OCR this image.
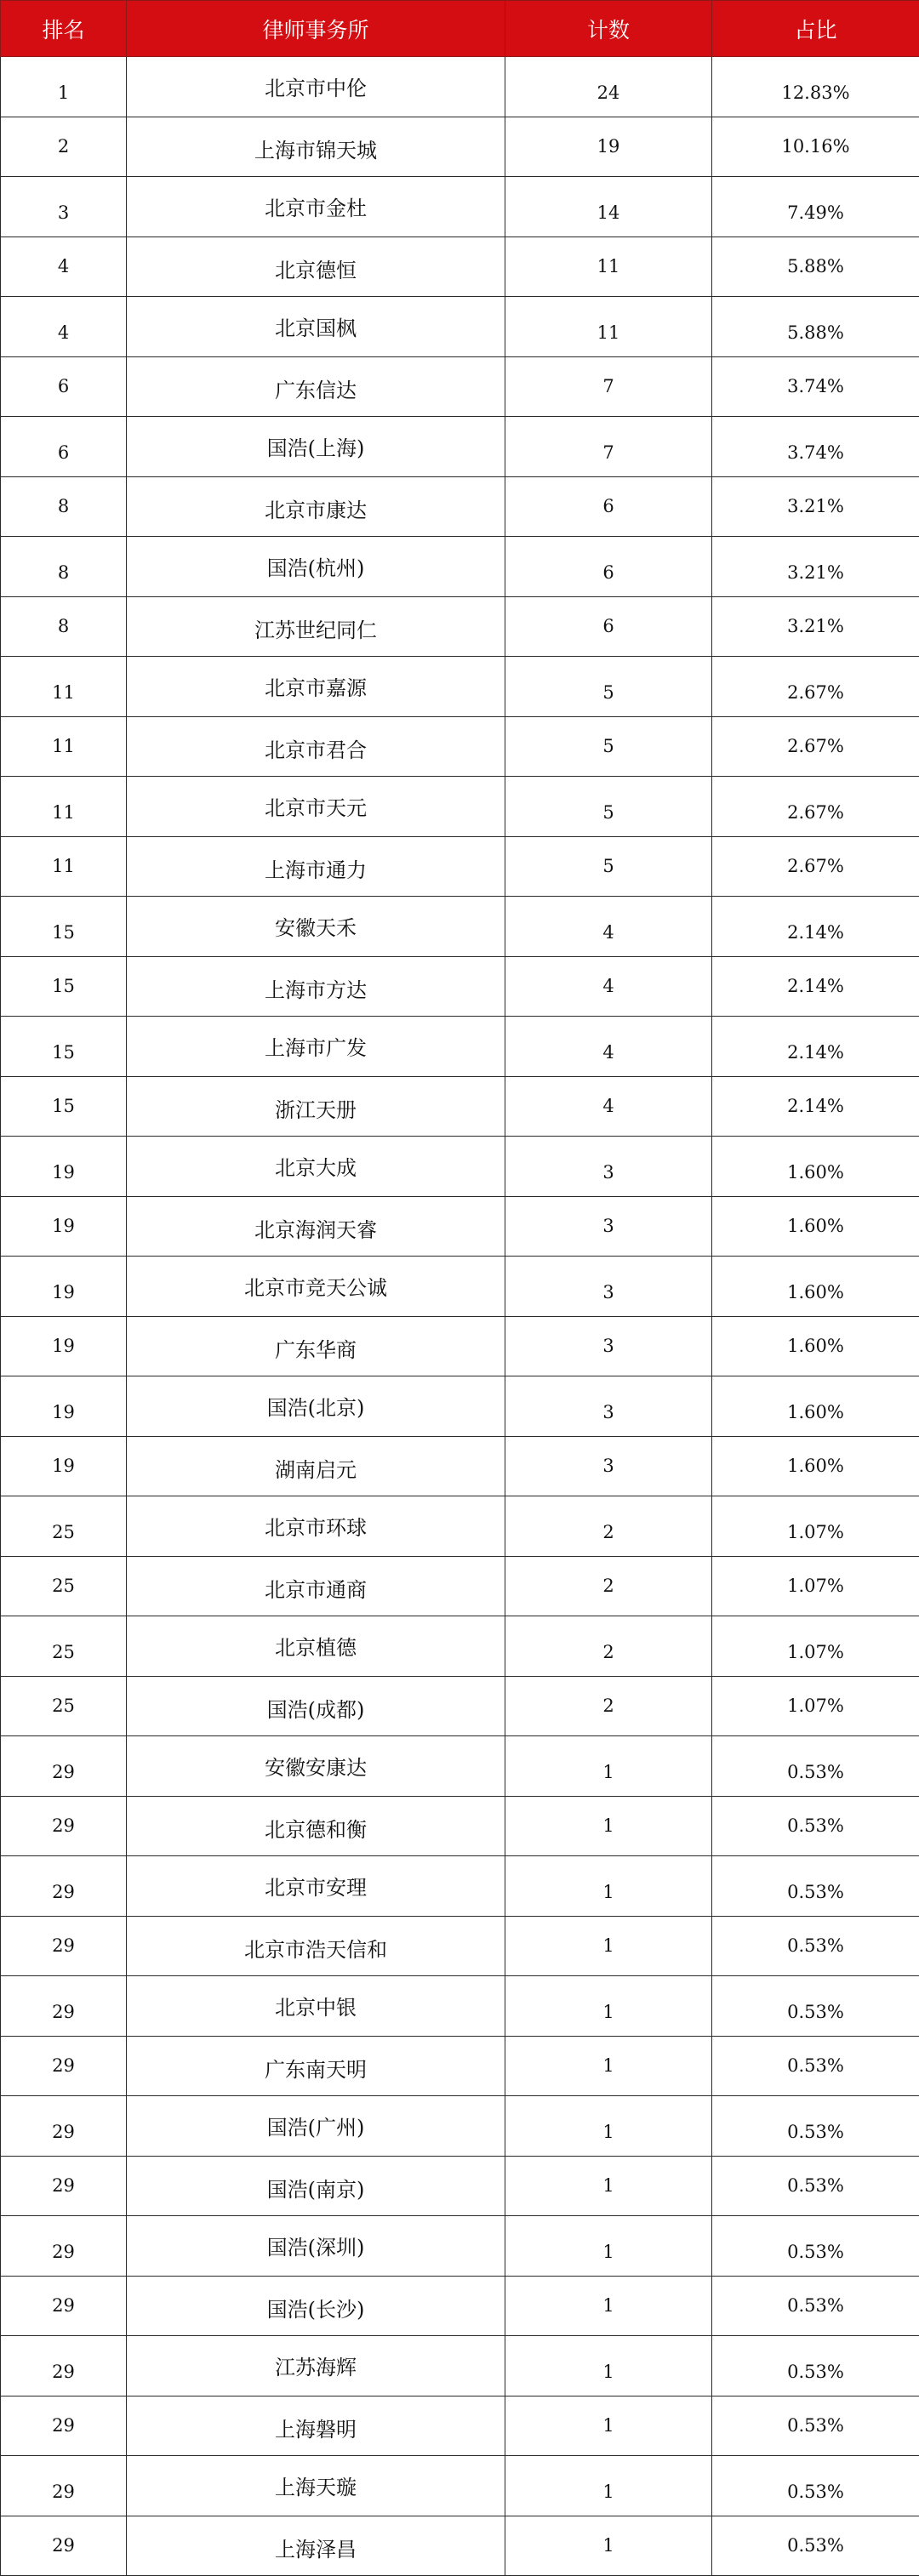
排名	律师事务所	计数	占比
1	北京市中伦	24	12.83%
2	上海市锦天城	19	10.16%
3	北京市金杜	14	7.49%
4	北京德恒	11	5.88%
4	北京国枫	11	5.88%
6	广东信达	7	3.74%
6	国浩(上海)	7	3.74%
8	北京市康达	6	3.21%
8	国浩(杭州)	6	3.21%
8	江苏世纪同仁	6	3.21%
11	北京市嘉源	5	2.67%
11	北京市君合	5	2.67%
11	北京市天元	5	2.67%
11	上海市通力	5	2.67%
15	安徽天禾	4	2.14%
15	上海市方达	4	2.14%
15	上海市广发	4	2.14%
15	浙江天册	4	2.14%
19	北京大成	3	1.60%
19	北京海润天睿	3	1.60%
19	北京市竞天公诚	3	1.60%
19	广东华商	3	1.60%
19	国浩(北京)	3	1.60%
19	湖南启元	3	1.60%
25	北京市环球	2	1.07%
25	北京市通商	2	1.07%
25	北京植德	2	1.07%
25	国浩(成都)	2	1.07%
29	安徽安康达	1	0.53%
29	北京德和衡	1	0.53%
29	北京市安理	1	0.53%
29	北京市浩天信和	1	0.53%
29	北京中银	1	0.53%
29	广东南天明	1	0.53%
29	国浩(广州)	1	0.53%
29	国浩(南京)	1	0.53%
29	国浩(深圳)	1	0.53%
29	国浩(长沙)	1	0.53%
29	江苏海辉	1	0.53%
29	上海磐明	1	0.53%
29	上海天璇	1	0.53%
29	上海泽昌	1	0.53%
